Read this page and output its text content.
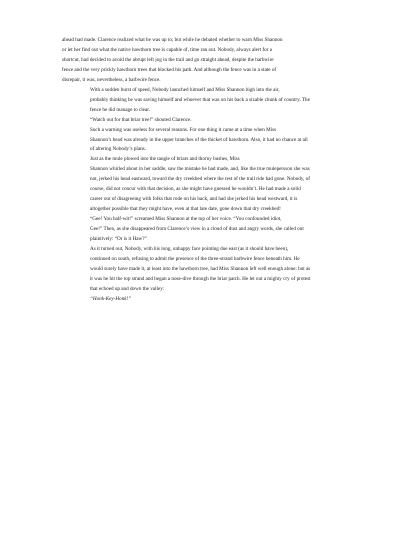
ahead had made. Clarence realized what he was up to; but while he debated whether to warn Miss Shannon
or let her find out what the native hawthorn tree is capable of, time ran out. Nobody, always alert for a
shortcut, had decided to avoid the abrupt left jog in the trail and go straight ahead, despite the barbwire
fence and the very prickly hawthorn trees that blocked his path. And although the fence was in a state of
disrepair, it was, nevertheless, a barbwire fence.

With a sudden burst of speed, Nobody launched himself and Miss Shannon high into the air,
probably thinking he was saving himself and whoever that was on his back a sizable chunk of country. The
fence he did manage to clear.

“Watch out for that briar tree!” shouted Clarence.

Such a warning was useless for several reasons. For one thing it came at a time when Miss
Shannon’s head was already in the upper branches of the thicket of hawthorn. Also, it had no chance at all
of altering Nobody’s plans.

Just as the mule plowed into the tangle of briars and thorny bushes, Miss
Shannon whirled about in her saddle, saw the mistake he had made, and, like the true mulepersson she was
not, jerked his head eastward, toward the dry creekbed where the rest of the trail ride had gone. Nobody, of
course, did not concur with that decision, as she might have guessed he wouldn’t. He had made a solid
career out of disagreeing with folks that rode on his back, and had she jerked his head westward, it is
altogether possible that they might have, even at that late date, gone down that dry creekbed!

“Gee! You half-wit!” screamed Miss Shannon at the top of her voice. “You confounded idiot,
Gee!” Then, as she disappeared from Clarence’s view in a cloud of dust and angry words, she called out
plaintively: “Or is it Haw?”

As it turned out, Nobody, with his long, unhappy face pointing due east (as it should have been),
continued on south, refusing to admit the presence of the three-strand barbwire fence beneath him. He
would surely have made it, at least into the hawthorn tree, had Miss Shannon left well enough alone; but as
it was he hit the top strand and began a nose-dive through the briar patch. He let out a mighty cry of protest
that echoed up and down the valley:

“Honk-Key-Honk!”
